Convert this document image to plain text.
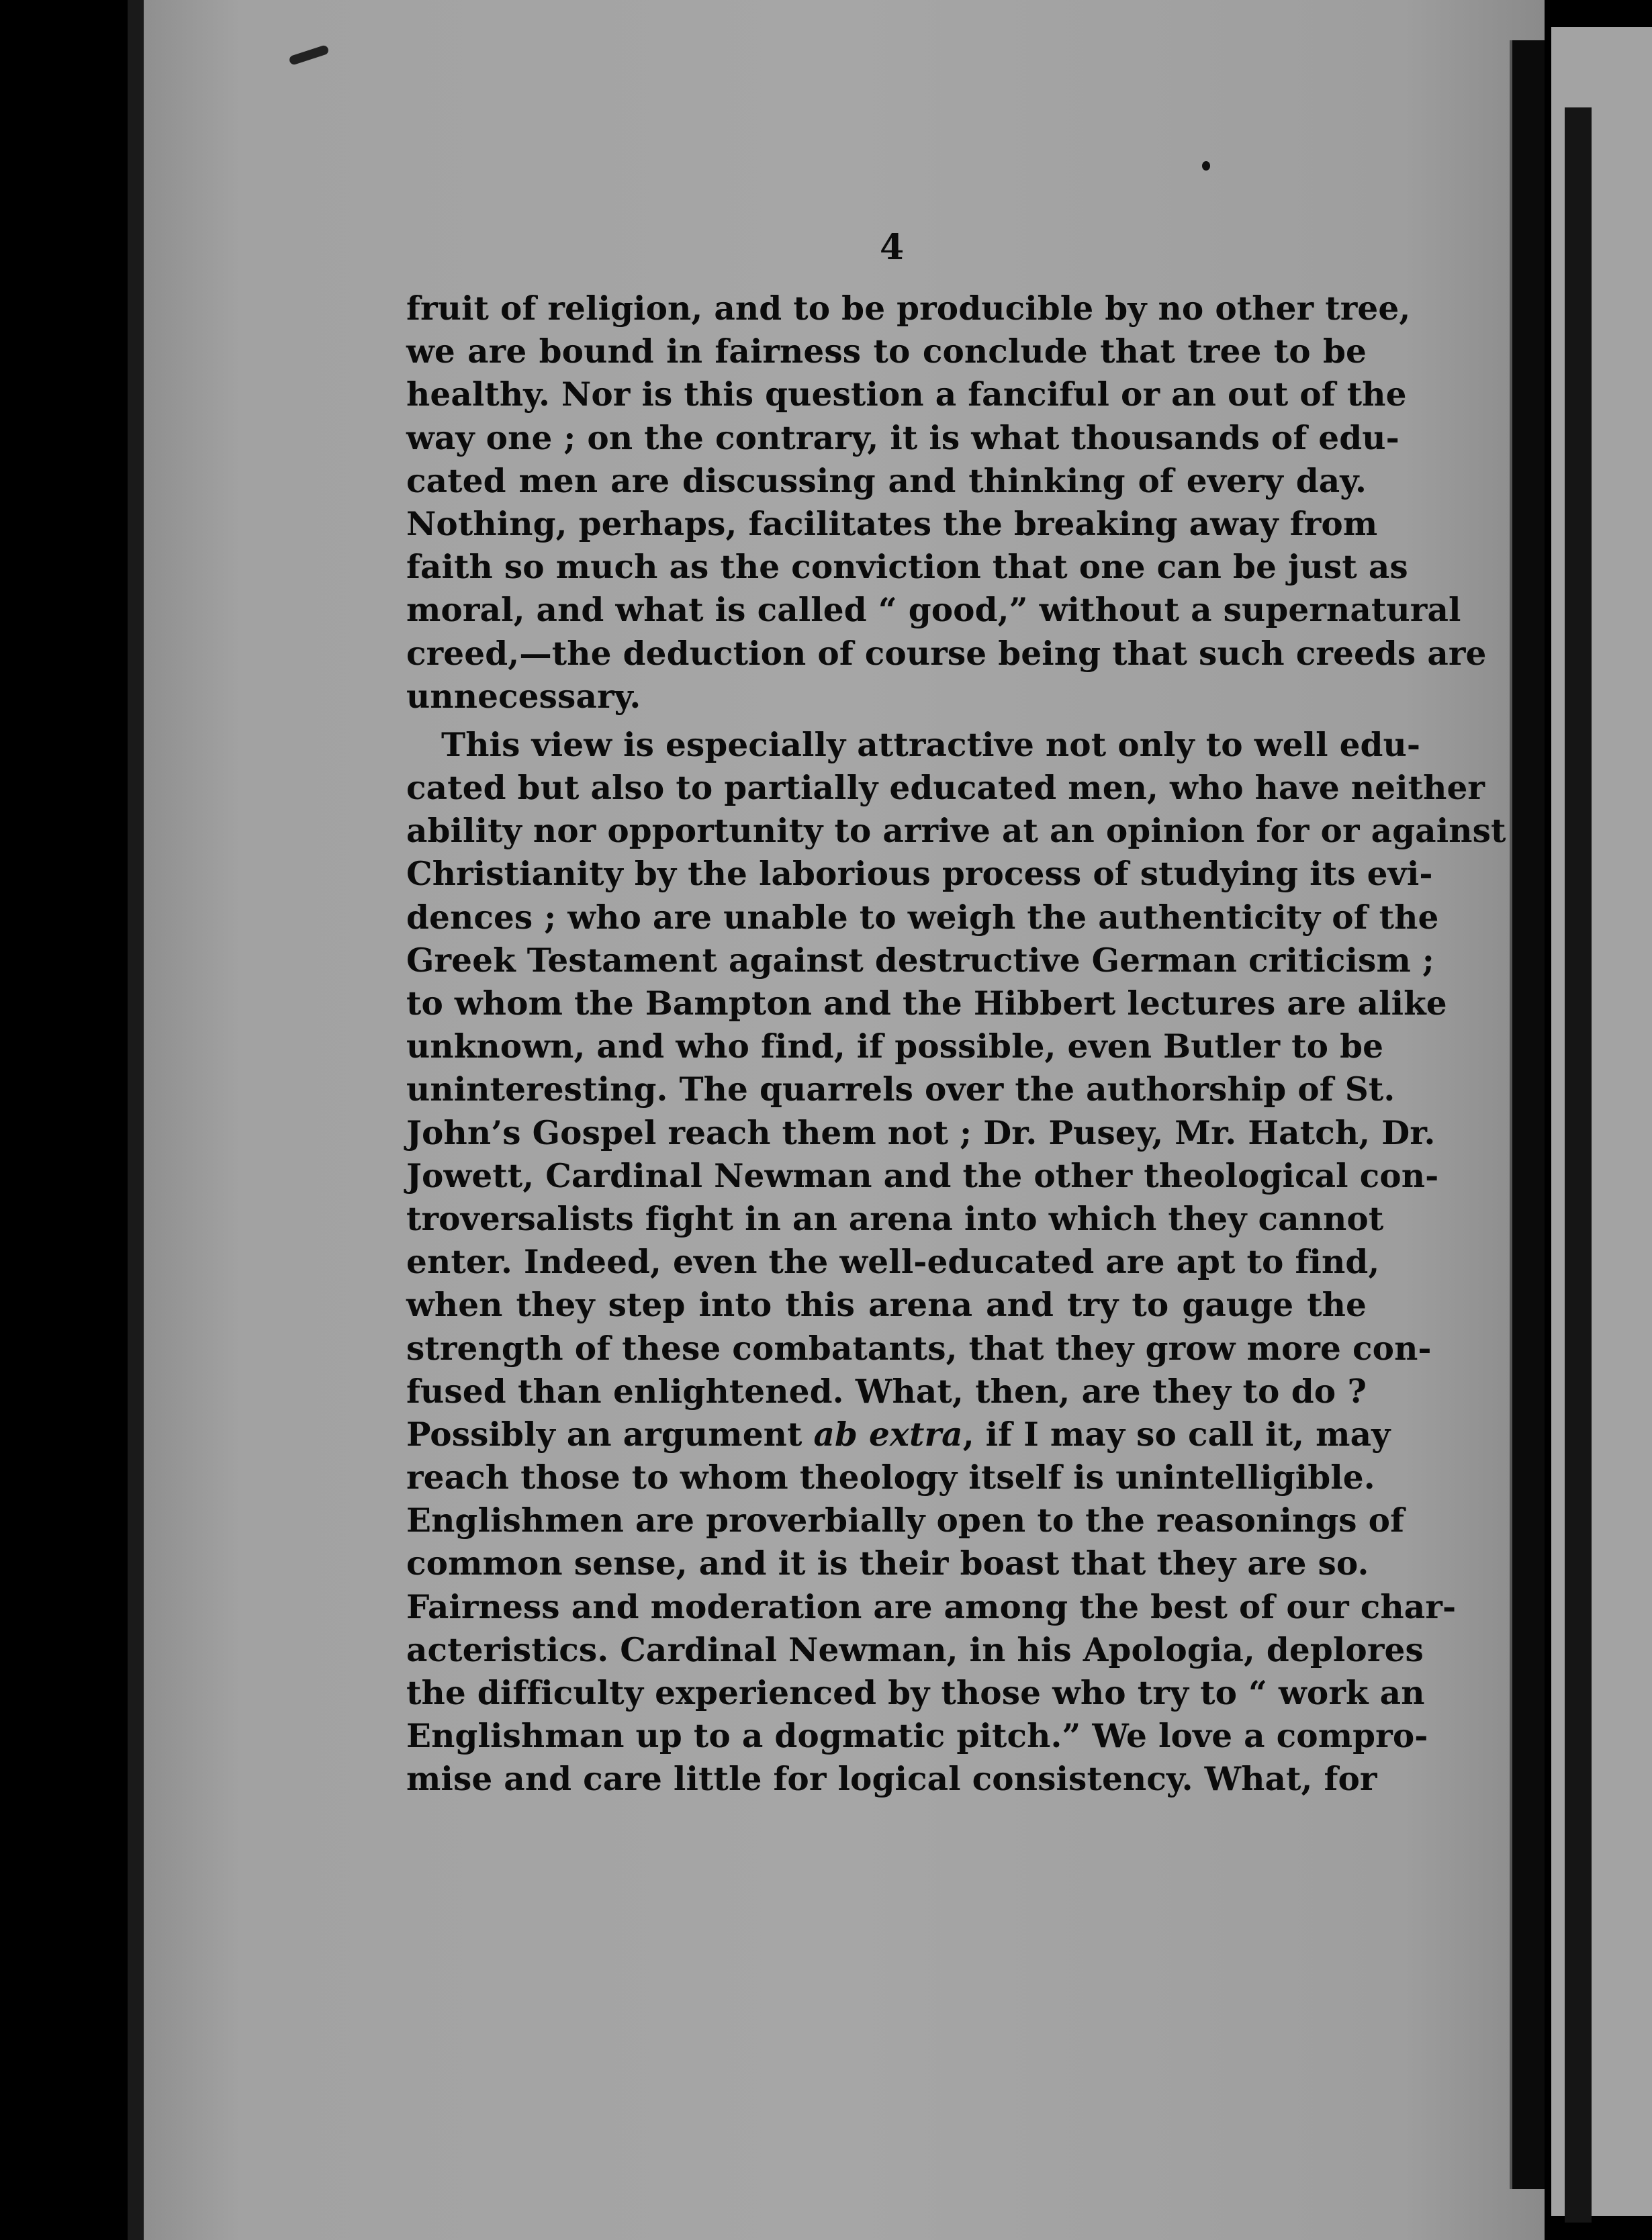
4
fruit of religion, and to be producible by no other tree,
we are bound in fairness to conclude that tree to be
healthy. Nor is this question a fanciful or an out of the
way one ; on the contrary, it is what thousands of edu-
cated men are discussing and thinking of every day.
Nothing, perhaps, facilitates the breaking away from
faith so much as the conviction that one can be just as
moral, and what is called “ good,” without a supernatural
creed,—the deduction of course being that such creeds are
unnecessary.
This view is especially attractive not only to well edu-
cated but also to partially educated men, who have neither
ability nor opportunity to arrive at an opinion for or against
Christianity by the laborious process of studying its evi-
dences ; who are unable to weigh the authenticity of the
Greek Testament against destructive German criticism ;
to whom the Bampton and the Hibbert lectures are alike
unknown, and who find, if possible, even Butler to be
uninteresting. The quarrels over the authorship of St.
John’s Gospel reach them not ; Dr. Pusey, Mr. Hatch, Dr.
Jowett, Cardinal Newman and the other theological con-
troversalists fight in an arena into which they cannot
enter. Indeed, even the well-educated are apt to find,
when they step into this arena and try to gauge the
strength of these combatants, that they grow more con-
fused than enlightened. What, then, are they to do ?
Possibly an argument ab extra, if I may so call it, may
reach those to whom theology itself is unintelligible.
Englishmen are proverbially open to the reasonings of
common sense, and it is their boast that they are so.
Fairness and moderation are among the best of our char-
acteristics. Cardinal Newman, in his Apologia, deplores
the difficulty experienced by those who try to “ work an
Englishman up to a dogmatic pitch.” We love a compro-
mise and care little for logical consistency. What, for
